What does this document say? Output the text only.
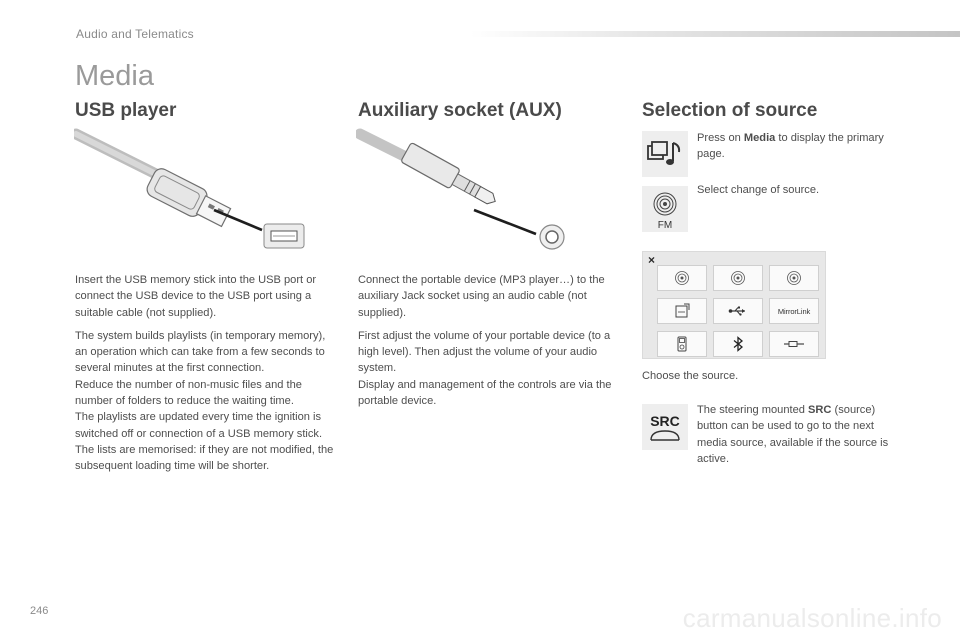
Audio and Telematics
Media
USB player	Auxiliary socket (AUX)	Selection of source

Insert the USB memory stick into the USB port or connect the USB device to the USB port using a suitable cable (not supplied).

The system builds playlists (in temporary memory), an operation which can take from a few seconds to several minutes at the first connection.

Reduce the number of non-music files and the number of folders to reduce the waiting time.

The playlists are updated every time the ignition is switched off or connection of a USB memory stick. The lists are memorised: if they are not modified, the subsequent loading time will be shorter.

Connect the portable device (MP3 player…) to the auxiliary Jack socket using an audio cable (not supplied).

First adjust the volume of your portable device (to a high level). Then adjust the volume of your audio system.

Display and management of the controls are via the portable device.

Press on Media to display the primary page.
FM
Select change of source.
×
MirrorLink
Choose the source.
SRC
The steering mounted SRC (source) button can be used to go to the next media source, available if the source is active.
246	carmanualsonline.info
